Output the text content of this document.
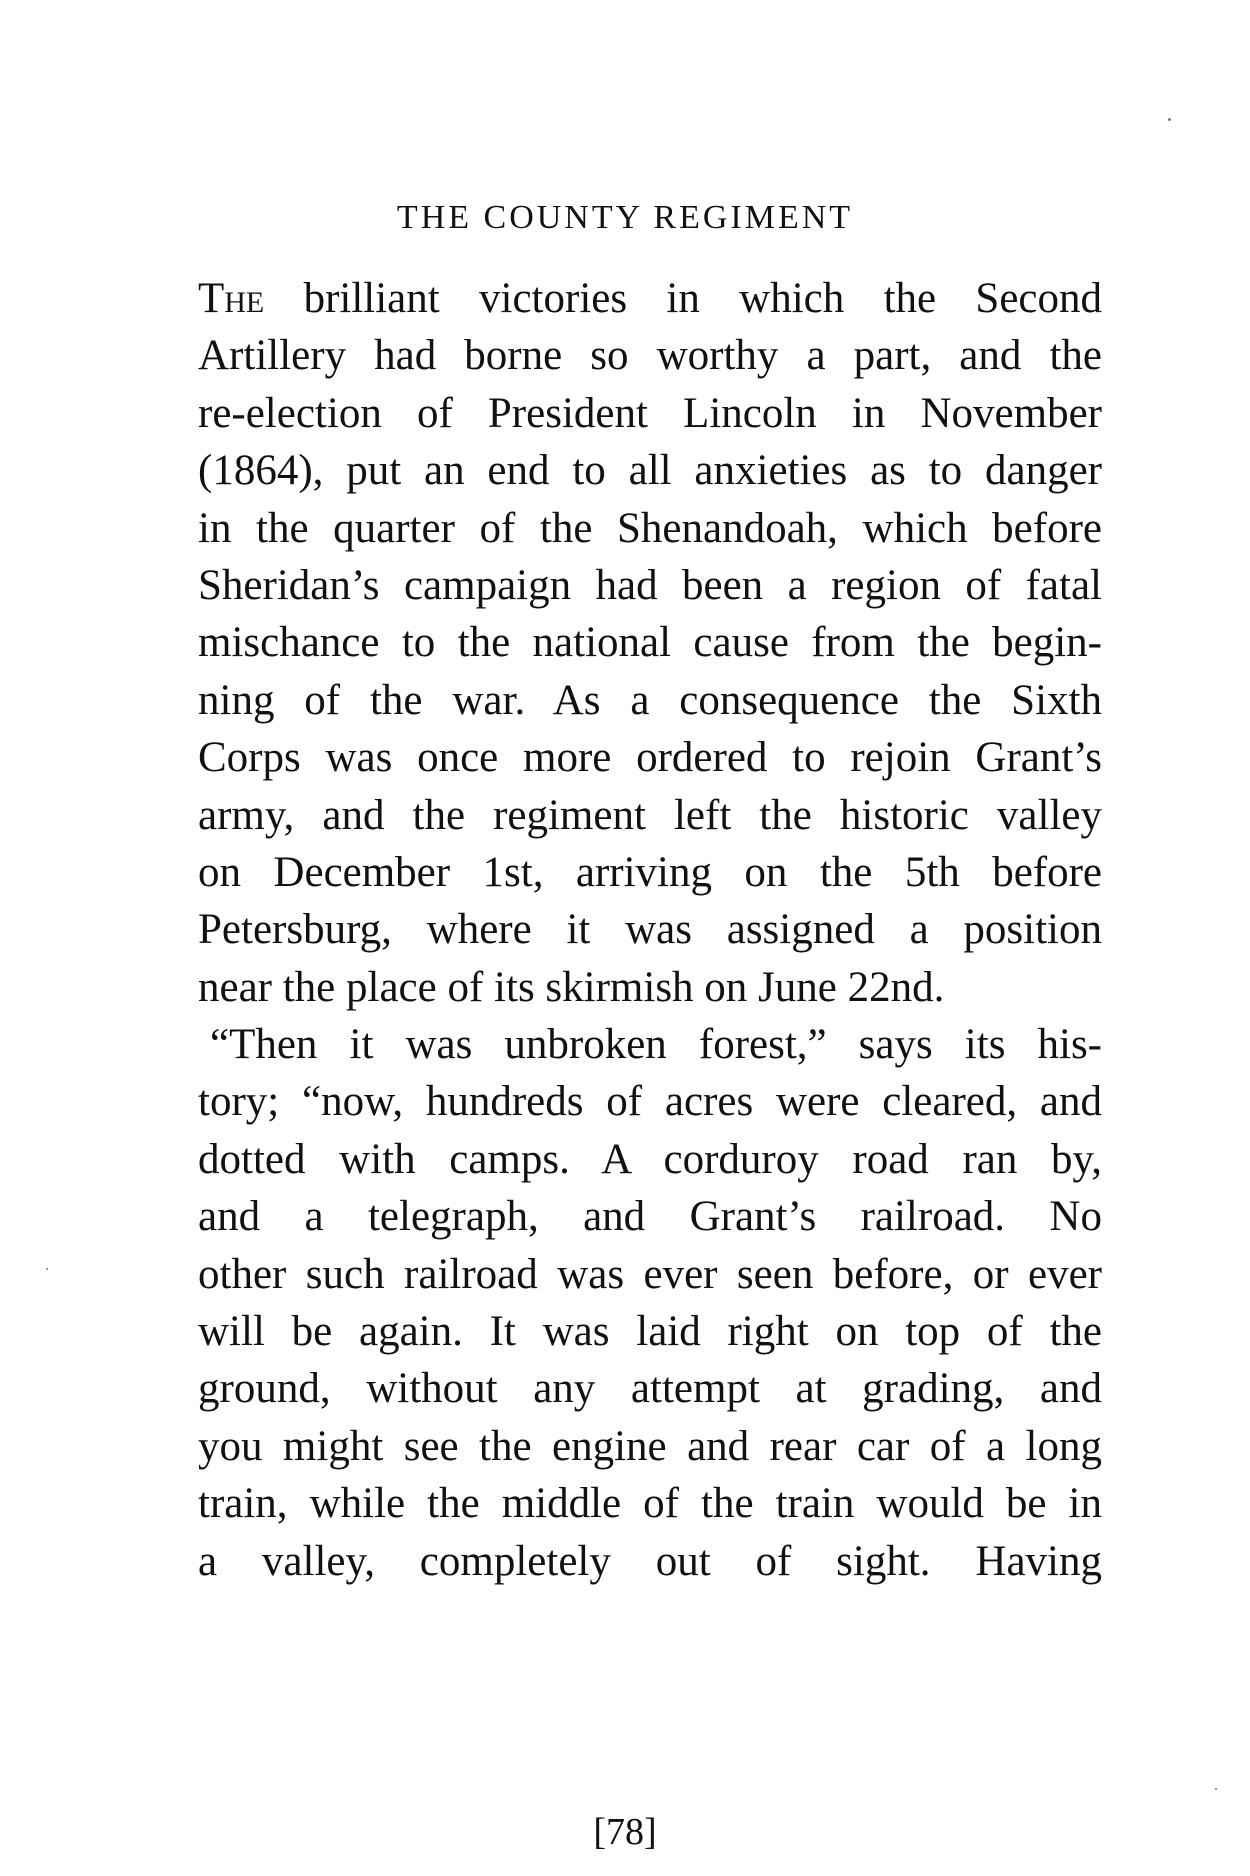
THE COUNTY REGIMENT
The brilliant victories in which the Second
Artillery had borne so worthy a part, and the
re-election of President Lincoln in November
(1864), put an end to all anxieties as to danger
in the quarter of the Shenandoah, which before
Sheridan’s campaign had been a region of fatal
mischance to the national cause from the begin-
ning of the war. As a consequence the Sixth
Corps was once more ordered to rejoin Grant’s
army, and the regiment left the historic valley
on December 1st, arriving on the 5th before
Petersburg, where it was assigned a position
near the place of its skirmish on June 22nd.
“Then it was unbroken forest,” says its his-
tory; “now, hundreds of acres were cleared, and
dotted with camps. A corduroy road ran by,
and a telegraph, and Grant’s railroad. No
other such railroad was ever seen before, or ever
will be again. It was laid right on top of the
ground, without any attempt at grading, and
you might see the engine and rear car of a long
train, while the middle of the train would be in
a valley, completely out of sight. Having
[78]
